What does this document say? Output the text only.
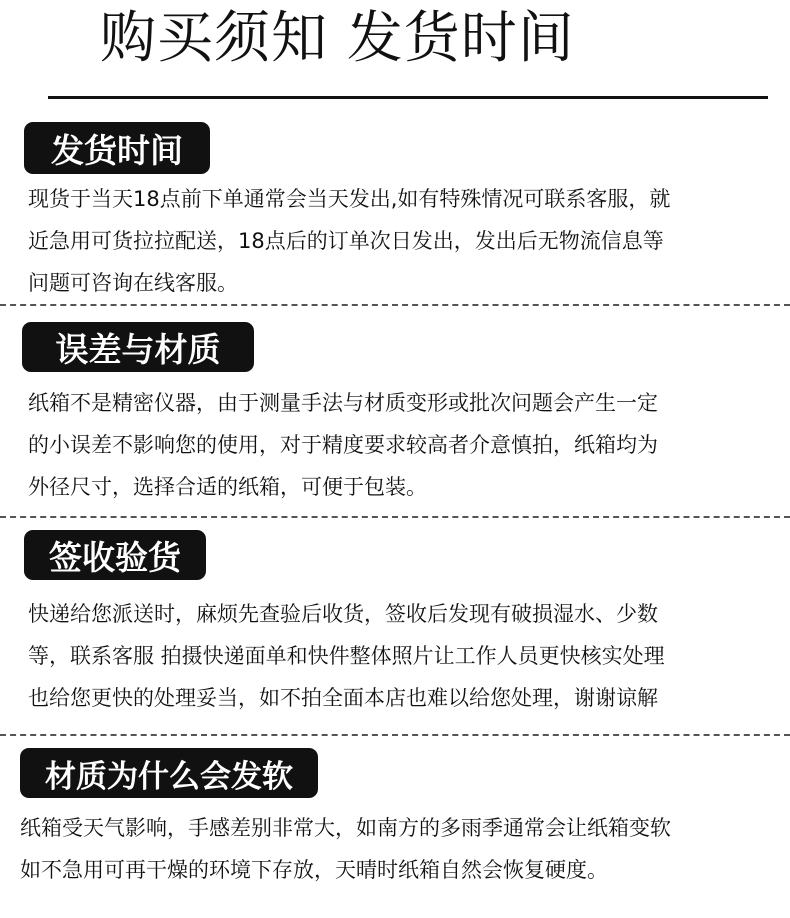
购买须知 发货时间
发货时间
现货于当天18点前下单通常会当天发出,如有特殊情况可联系客服，就
近急用可货拉拉配送，18点后的订单次日发出，发出后无物流信息等
问题可咨询在线客服。
误差与材质
纸箱不是精密仪器，由于测量手法与材质变形或批次问题会产生一定
的小误差不影响您的使用，对于精度要求较高者介意慎拍，纸箱均为
外径尺寸，选择合适的纸箱，可便于包装。
签收验货
快递给您派送时，麻烦先查验后收货，签收后发现有破损湿水、少数
等，联系客服 拍摄快递面单和快件整体照片让工作人员更快核实处理
也给您更快的处理妥当，如不拍全面本店也难以给您处理，谢谢谅解
材质为什么会发软
纸箱受天气影响，手感差别非常大，如南方的多雨季通常会让纸箱变软
如不急用可再干燥的环境下存放，天晴时纸箱自然会恢复硬度。
